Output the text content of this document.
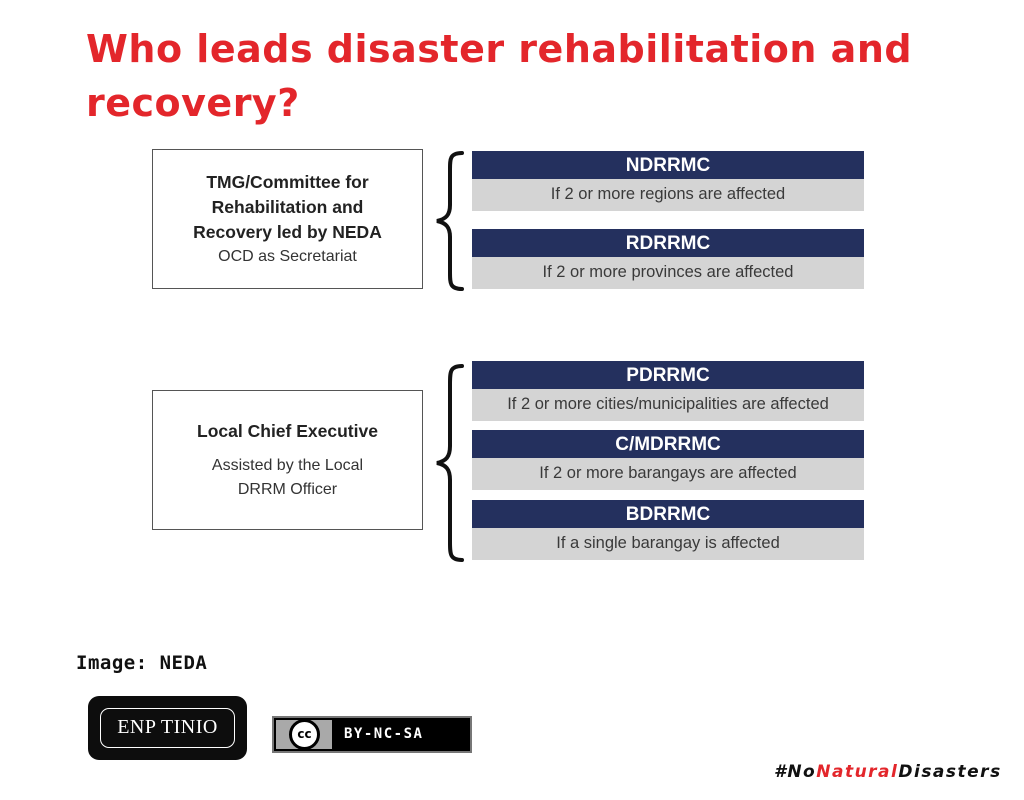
Who leads disaster rehabilitation and recovery?
TMG/Committee for
Rehabilitation and
Recovery led by NEDA
OCD as Secretariat
NDRRMC
If 2 or more regions are affected
RDRRMC
If 2 or more provinces are affected
Local Chief Executive
Assisted by the Local
DRRM Officer
PDRRMC
If 2 or more cities/municipalities are affected
C/MDRRMC
If 2 or more barangays are affected
BDRRMC
If a single barangay is affected
Image: NEDA
ENP TINIO	cc	BY-NC-SA
#NoNaturalDisasters
